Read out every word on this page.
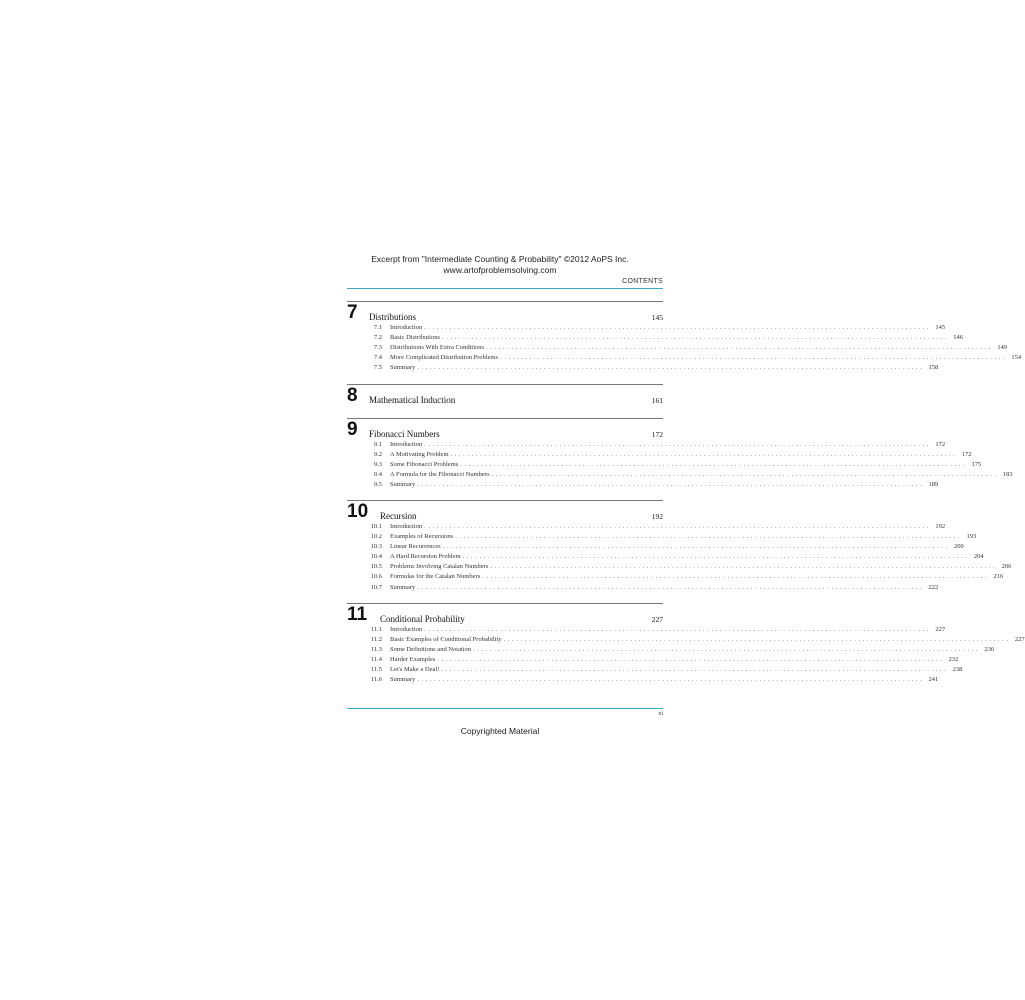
Excerpt from "Intermediate Counting & Probability" ©2012 AoPS Inc.
www.artofproblemsolving.com
CONTENTS
7 Distributions	145
7.1 Introduction ........................................................................................................................ 145
7.2 Basic Distributions ........................................................................................................................ 146
7.3 Distributions With Extra Conditions ........................................................................................................................ 149
7.4 More Complicated Distribution Problems ........................................................................................................................ 154
7.5 Summary ........................................................................................................................ 158
8 Mathematical Induction	161
9 Fibonacci Numbers	172
9.1 Introduction ........................................................................................................................ 172
9.2 A Motivating Problem ........................................................................................................................ 172
9.3 Some Fibonacci Problems ........................................................................................................................ 175
9.4 A Formula for the Fibonacci Numbers ........................................................................................................................ 183
9.5 Summary ........................................................................................................................ 189
10 Recursion	192
10.1 Introduction ........................................................................................................................ 192
10.2 Examples of Recursions ........................................................................................................................ 193
10.3 Linear Recurrences ........................................................................................................................ 200
10.4 A Hard Recursion Problem ........................................................................................................................ 204
10.5 Problems Involving Catalan Numbers ........................................................................................................................ 206
10.6 Formulas for the Catalan Numbers ........................................................................................................................ 216
10.7 Summary ........................................................................................................................ 222
11 Conditional Probability	227
11.1 Introduction ........................................................................................................................ 227
11.2 Basic Examples of Conditional Probability ........................................................................................................................ 227
11.3 Some Definitions and Notation ........................................................................................................................ 230
11.4 Harder Examples ........................................................................................................................ 232
11.5 Let's Make a Deal! ........................................................................................................................ 238
11.6 Summary ........................................................................................................................ 241
xi
Copyrighted Material
